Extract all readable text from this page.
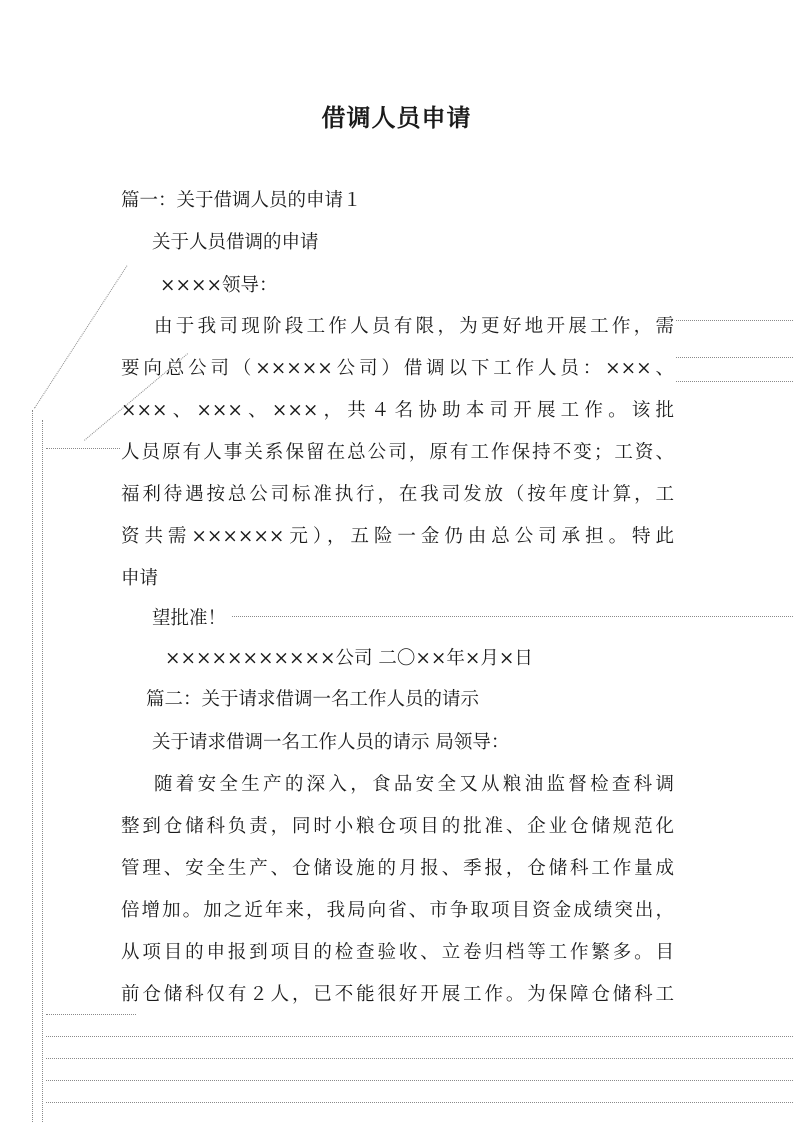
借调人员申请

篇一：关于借调人员的申请１

关于人员借调的申请

××××领导：

由于我司现阶段工作人员有限，为更好地开展工作，需

要向总公司（×××××公司）借调以下工作人员：×××、

×××、×××、×××，共４名协助本司开展工作。该批

人员原有人事关系保留在总公司，原有工作保持不变；工资、

福利待遇按总公司标准执行，在我司发放（按年度计算，工

资共需××××××元），五险一金仍由总公司承担。特此

申请

望批准！

×××××××××××公司 二〇××年×月×日

篇二：关于请求借调一名工作人员的请示

关于请求借调一名工作人员的请示 局领导：

随着安全生产的深入，食品安全又从粮油监督检查科调

整到仓储科负责，同时小粮仓项目的批准、企业仓储规范化

管理、安全生产、仓储设施的月报、季报，仓储科工作量成

倍增加。加之近年来，我局向省、市争取项目资金成绩突出，

从项目的申报到项目的检查验收、立卷归档等工作繁多。目

前仓储科仅有２人，已不能很好开展工作。为保障仓储科工
